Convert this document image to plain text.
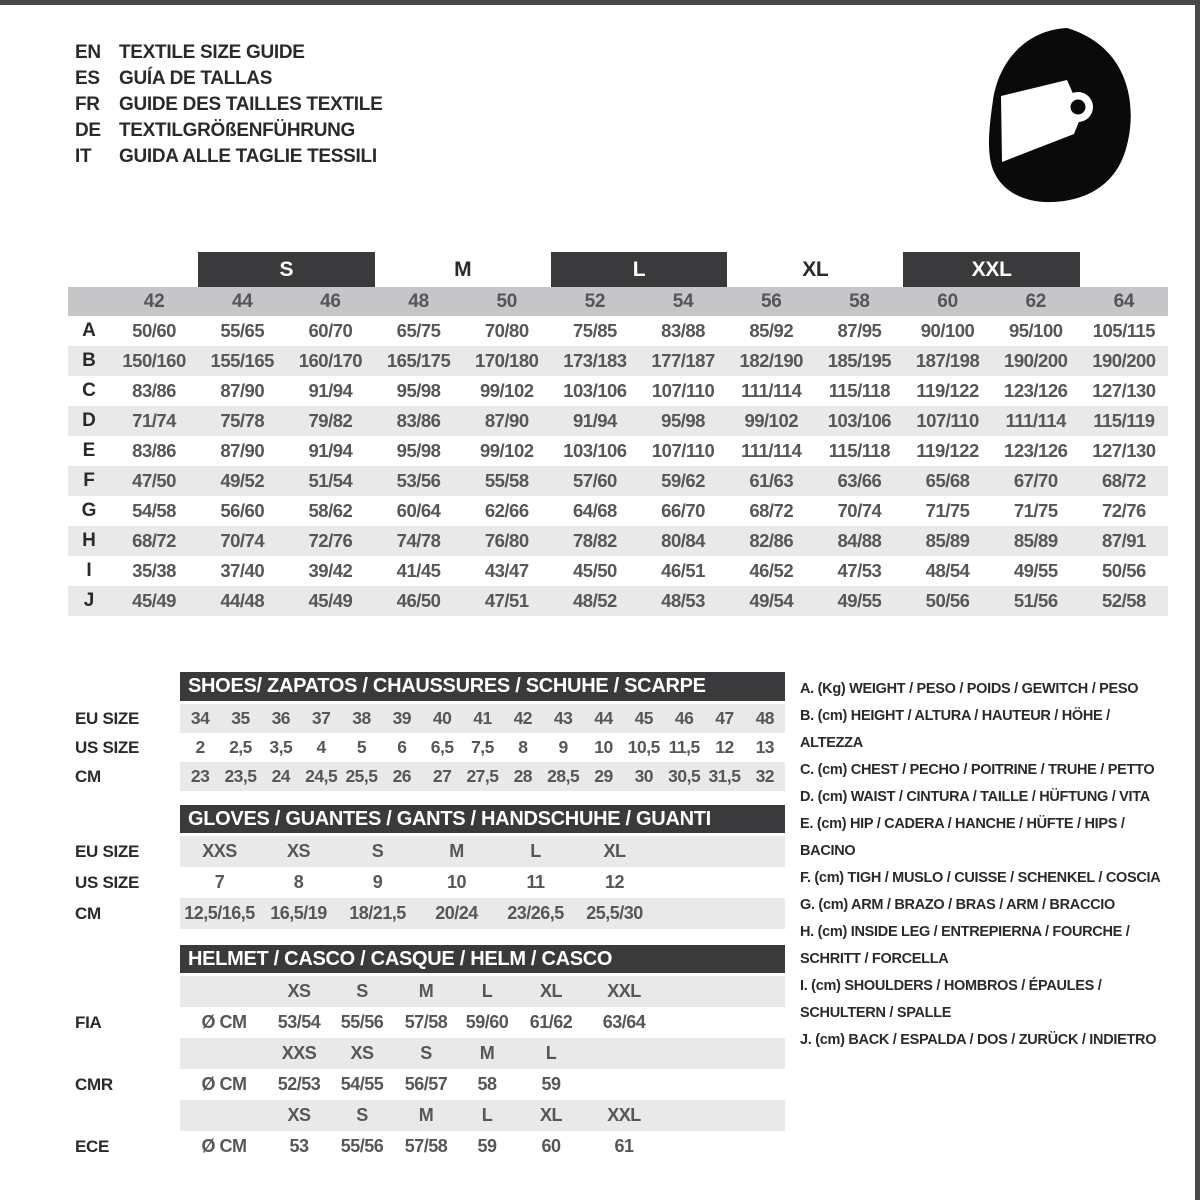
EN TEXTILE SIZE GUIDE
ES	GUÍA DE TALLAS
FR	GUIDE DES TAILLES TEXTILE
DE TEXTILGRÖßENFÜHRUNG
IT	GUIDA ALLE TAGLIE TESSILI
S	M	L	XL	XXL
42	44	46	48	50	52	54	56	58	60	62	64
A	50/60	55/65	60/70	65/75	70/80	75/85	83/88	85/92	87/95	90/100	95/100	105/115
B	150/160	155/165	160/170	165/175	170/180	173/183	177/187	182/190	185/195	187/198	190/200	190/200
C	83/86	87/90	91/94	95/98	99/102	103/106	107/110	111/114	115/118	119/122	123/126	127/130
D	71/74	75/78	79/82	83/86	87/90	91/94	95/98	99/102	103/106	107/110	111/114	115/119
E	83/86	87/90	91/94	95/98	99/102	103/106	107/110	111/114	115/118	119/122	123/126	127/130
F	47/50	49/52	51/54	53/56	55/58	57/60	59/62	61/63	63/66	65/68	67/70	68/72
G	54/58	56/60	58/62	60/64	62/66	64/68	66/70	68/72	70/74	71/75	71/75	72/76
H	68/72	70/74	72/76	74/78	76/80	78/82	80/84	82/86	84/88	85/89	85/89	87/91
I	35/38	37/40	39/42	41/45	43/47	45/50	46/51	46/52	47/53	48/54	49/55	50/56
J	45/49	44/48	45/49	46/50	47/51	48/52	48/53	49/54	49/55	50/56	51/56	52/58
SHOES/ ZAPATOS / CHAUSSURES / SCHUHE / SCARPE
EU SIZE	34	35	36	37	38	39	40	41	42	43	44	45	46	47	48
US SIZE	2	2,5	3,5	4	5	6	6,5	7,5	8	9	10 10,5 11,5 12	13
CM	23 23,5 24 24,5 25,5 26	27 27,5 28 28,5 29	30 30,5 31,5 32
GLOVES / GUANTES / GANTS / HANDSCHUHE / GUANTI
EU SIZE	XXS	XS	S	M	L	XL
US SIZE	7	8	9	10	11	12
CM	12,5/16,5 16,5/19	18/21,5	20/24	23/26,5	25,5/30
HELMET / CASCO / CASQUE / HELM / CASCO
XS	S	M	L	XL	XXL
FIA	Ø CM	53/54	55/56	57/58	59/60	61/62	63/64
XXS	XS	S	M	L
CMR	Ø CM	52/53	54/55	56/57	58	59
XS	S	M	L	XL	XXL
ECE	Ø CM	53	55/56	57/58	59	60	61
A. (Kg) WEIGHT / PESO / POIDS / GEWITCH / PESO
B. (cm) HEIGHT / ALTURA / HAUTEUR / HÖHE / ALTEZZA
C. (cm) CHEST / PECHO / POITRINE / TRUHE / PETTO
D. (cm) WAIST / CINTURA / TAILLE / HÜFTUNG / VITA
E. (cm) HIP / CADERA / HANCHE / HÜFTE / HIPS / BACINO
F. (cm) TIGH / MUSLO / CUISSE / SCHENKEL / COSCIA
G. (cm) ARM / BRAZO / BRAS / ARM / BRACCIO
H. (cm) INSIDE LEG / ENTREPIERNA / FOURCHE / SCHRITT / FORCELLA
I. (cm) SHOULDERS / HOMBROS / ÉPAULES / SCHULTERN / SPALLE
J. (cm) BACK / ESPALDA / DOS / ZURÜCK / INDIETRO
